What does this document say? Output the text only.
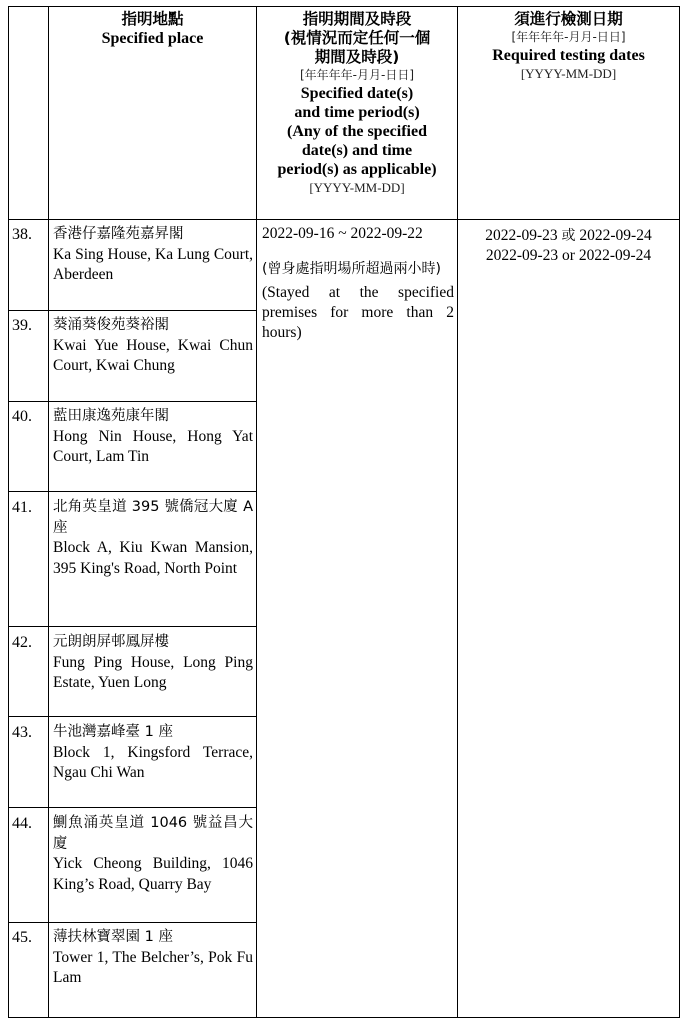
指明地點
Specified place
指明期間及時段
(視情況而定任何一個
期間及時段)
[年年年年-月月-日日]
Specified date(s)
and time period(s)
(Any of the specified
date(s) and time
period(s) as applicable)
[YYYY-MM-DD]
須進行檢測日期
[年年年年-月月-日日]
Required testing dates
[YYYY-MM-DD]
38.	香港仔嘉隆苑嘉昇閣
Ka Sing House, Ka Lung Court, Aberdeen
39.	葵涌葵俊苑葵裕閣
Kwai Yue House, Kwai Chun Court, Kwai Chung
40.	藍田康逸苑康年閣
Hong Nin House, Hong Yat Court, Lam Tin
41.	北角英皇道 395 號僑冠大廈 A 座
Block A, Kiu Kwan Mansion, 395 King's Road, North Point
42.	元朗朗屏邨鳳屏樓
Fung Ping House, Long Ping Estate, Yuen Long
43.	牛池灣嘉峰臺 1 座
Block 1, Kingsford Terrace, Ngau Chi Wan
44.	鰂魚涌英皇道 1046 號益昌大廈
Yick Cheong Building, 1046 King’s Road, Quarry Bay
45.	薄扶林寶翠園 1 座
Tower 1, The Belcher’s, Pok Fu Lam
2022-09-16 ~ 2022-09-22
(曾身處指明場所超過兩小時)
(Stayed at the specified premises for more than 2 hours)
2022-09-23 或 2022-09-24
2022-09-23 or 2022-09-24
